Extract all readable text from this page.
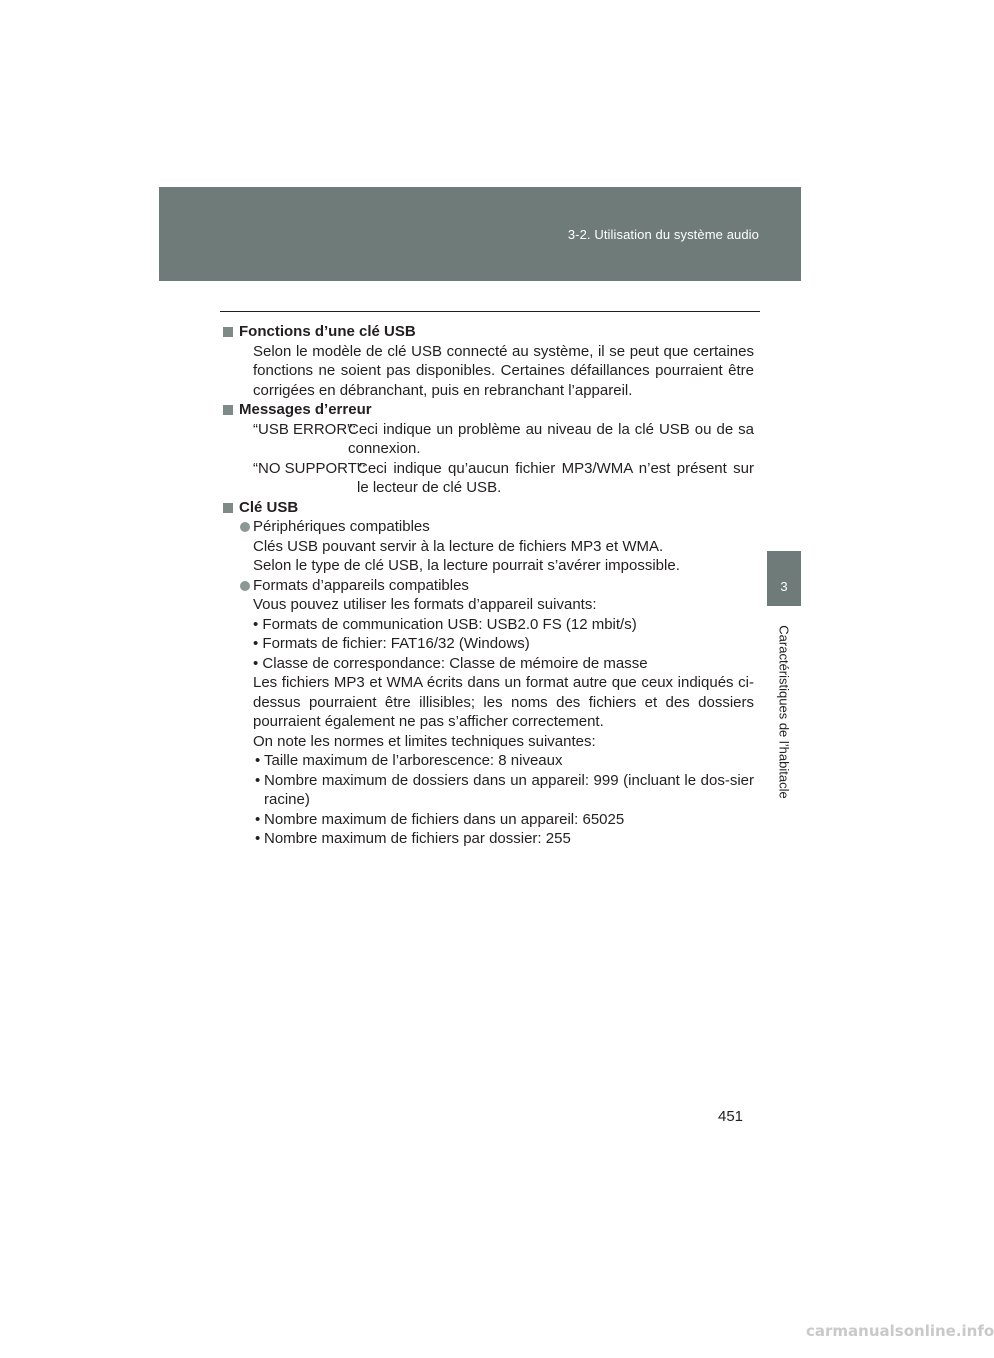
3-2. Utilisation du système audio
3
Caractéristiques de l’habitacle

Fonctions d’une clé USB

Selon le modèle de clé USB connecté au système, il se peut que certaines fonctions ne soient pas disponibles. Certaines défaillances pourraient être corrigées en débranchant, puis en rebranchant l’appareil.

Messages d’erreur

“USB ERROR”:
Ceci indique un problème au niveau de la clé USB ou de sa connexion.

“NO SUPPORT”:
Ceci indique qu’aucun fichier MP3/WMA n’est présent sur le lecteur de clé USB.

Clé USB

Périphériques compatibles

Clés USB pouvant servir à la lecture de fichiers MP3 et WMA.

Selon le type de clé USB, la lecture pourrait s’avérer impossible.

Formats d’appareils compatibles

Vous pouvez utiliser les formats d’appareil suivants:

• Formats de communication USB: USB2.0 FS (12 mbit/s)

• Formats de fichier: FAT16/32 (Windows)

• Classe de correspondance: Classe de mémoire de masse

Les fichiers MP3 et WMA écrits dans un format autre que ceux indiqués ci-dessus pourraient être illisibles; les noms des fichiers et des dossiers pourraient également ne pas s’afficher correctement.

On note les normes et limites techniques suivantes:

• Taille maximum de l’arborescence: 8 niveaux

• Nombre maximum de dossiers dans un appareil: 999 (incluant le dos-sier racine)

• Nombre maximum de fichiers dans un appareil: 65025

• Nombre maximum de fichiers par dossier: 255

451
carmanualsonline.info
